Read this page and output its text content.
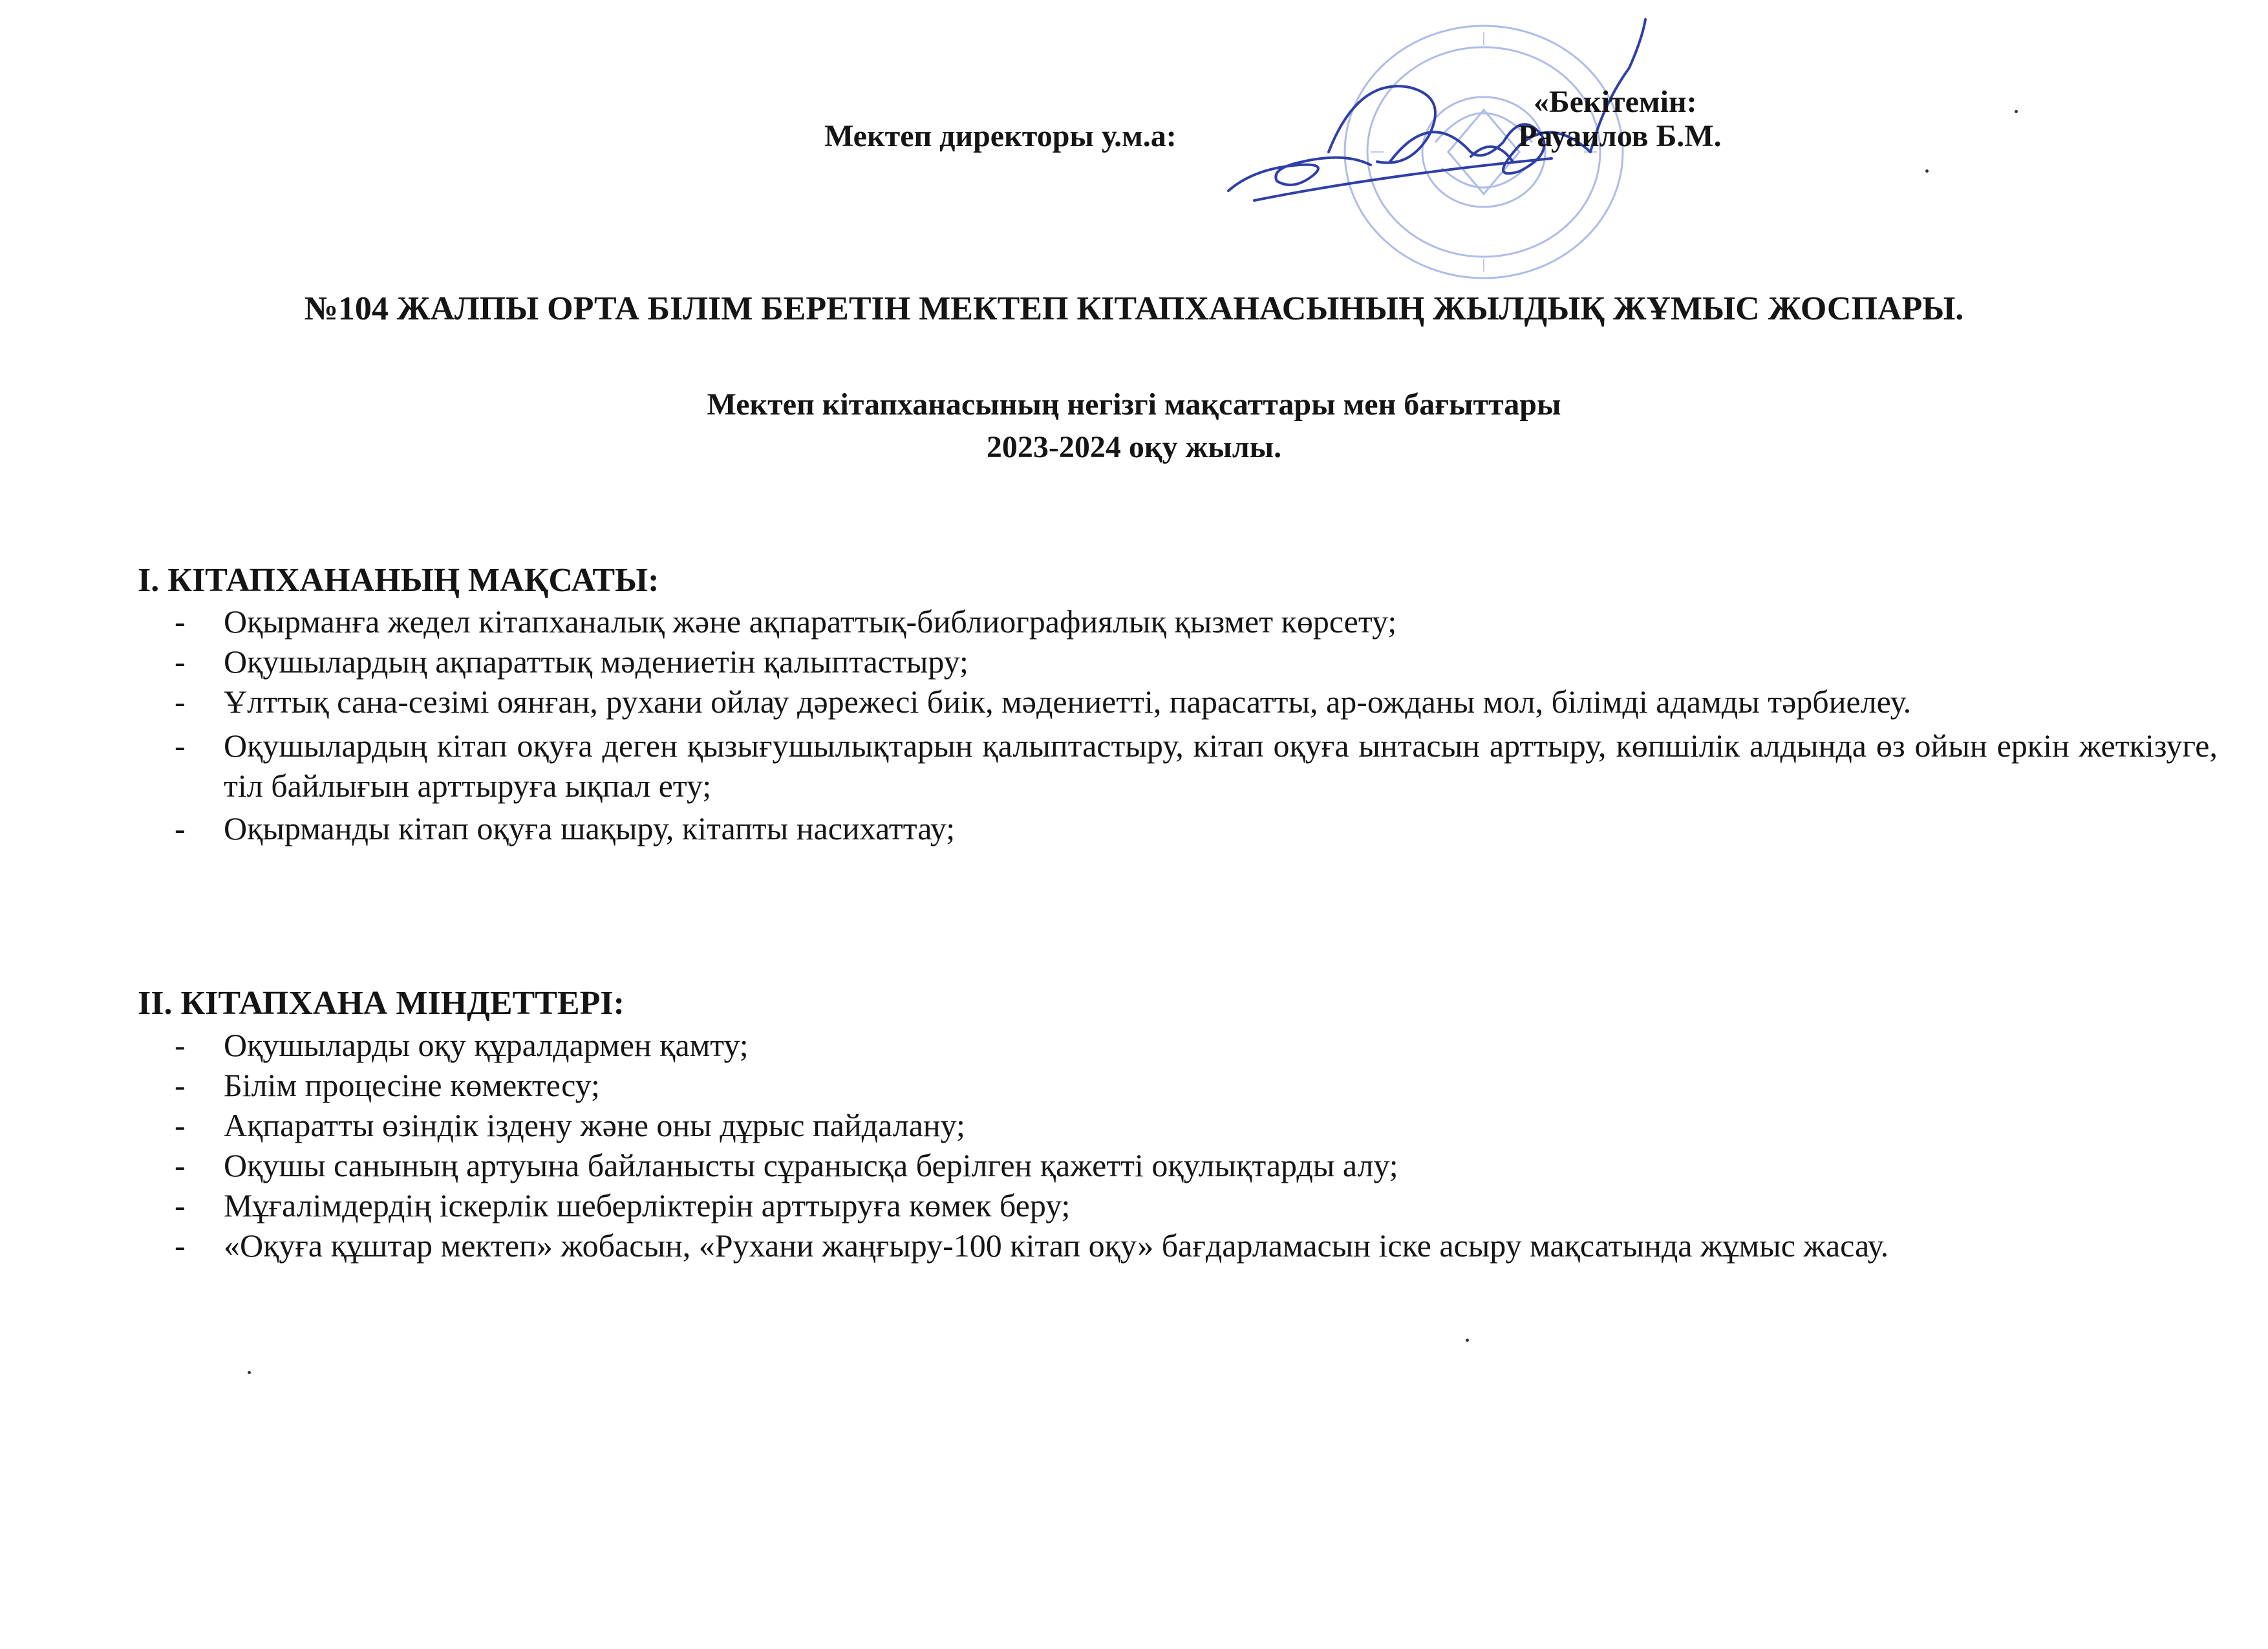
Мектеп директоры у.м.а:
«Бекітемін:
Рауаилов Б.М.
№104 ЖАЛПЫ ОРТА БІЛІМ БЕРЕТІН МЕКТЕП КІТАПХАНАСЫНЫҢ ЖЫЛДЫҚ ЖҰМЫС ЖОСПАРЫ.
Мектеп кітапханасының негізгі мақсаттары мен бағыттары
2023-2024 оқу жылы.
І. КІТАПХАНАНЫҢ МАҚСАТЫ:
- Оқырманға жедел кітапханалық және ақпараттық-библиографиялық қызмет көрсету;
- Оқушылардың ақпараттық мәдениетін қалыптастыру;
- Ұлттық сана-сезімі оянған, рухани ойлау дәрежесі биік, мәдениетті, парасатты, ар-ожданы мол, білімді адамды тәрбиелеу.
- Оқушылардың кітап оқуға деген қызығушылықтарын қалыптастыру, кітап оқуға ынтасын арттыру, көпшілік алдында өз ойын еркін жеткізуге, тіл байлығын арттыруға ықпал ету;
- Оқырманды кітап оқуға шақыру, кітапты насихаттау;
ІІ. КІТАПХАНА МІНДЕТТЕРІ:
- Оқушыларды оқу құралдармен қамту;
- Білім процесіне көмектесу;
- Ақпаратты өзіндік іздену және оны дұрыс пайдалану;
- Оқушы санының артуына байланысты сұранысқа берілген қажетті оқулықтарды алу;
- Мұғалімдердің іскерлік шеберліктерін арттыруға көмек беру;
- «Оқуға құштар мектеп» жобасын, «Рухани жаңғыру-100 кітап оқу» бағдарламасын іске асыру мақсатында жұмыс жасау.
